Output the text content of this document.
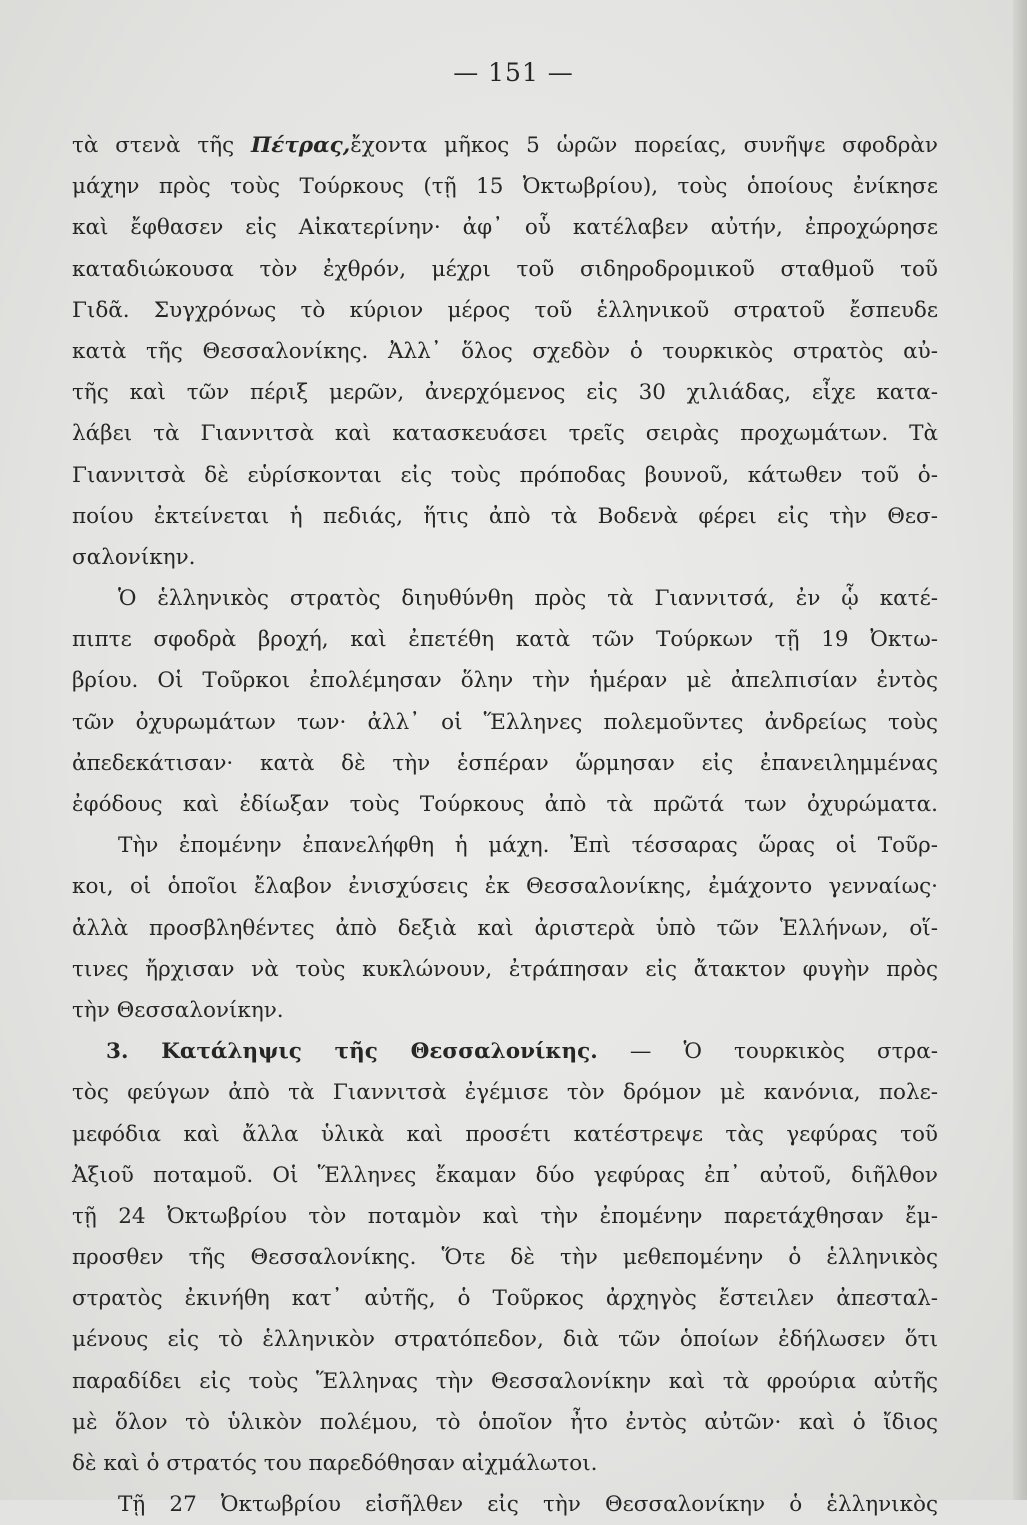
— 151 —
τὰ στενὰ τῆς Πέτρας,ἔχοντα μῆκος 5 ὡρῶν πορείας, συνῆψε σφοδρὰν
μάχην πρὸς τοὺς Τούρκους (τῇ 15 Ὀκτωβρίου), τοὺς ὁποίους ἐνίκησε
καὶ ἔφθασεν εἰς Αἰκατερίνην· ἀφ᾽ οὗ κατέλαβεν αὐτήν, ἐπροχώρησε
καταδιώκουσα τὸν ἐχθρόν, μέχρι τοῦ σιδηροδρομικοῦ σταθμοῦ τοῦ
Γιδᾶ. Συγχρόνως τὸ κύριον μέρος τοῦ ἑλληνικοῦ στρατοῦ ἔσπευδε
κατὰ τῆς Θεσσαλονίκης. Ἀλλ᾽ ὅλος σχεδὸν ὁ τουρκικὸς στρατὸς αὐ-
τῆς καὶ τῶν πέριξ μερῶν, ἀνερχόμενος εἰς 30 χιλιάδας, εἶχε κατα-
λάβει τὰ Γιαννιτσὰ καὶ κατασκευάσει τρεῖς σειρὰς προχωμάτων. Τὰ
Γιαννιτσὰ δὲ εὑρίσκονται εἰς τοὺς πρόποδας βουνοῦ, κάτωθεν τοῦ ὁ-
ποίου ἐκτείνεται ἡ πεδιάς, ἥτις ἀπὸ τὰ Βοδενὰ φέρει εἰς τὴν Θεσ-
σαλονίκην.
Ὁ ἑλληνικὸς στρατὸς διηυθύνθη πρὸς τὰ Γιαννιτσά, ἐν ᾧ κατέ-
πιπτε σφοδρὰ βροχή, καὶ ἐπετέθη κατὰ τῶν Τούρκων τῇ 19 Ὀκτω-
βρίου. Οἱ Τοῦρκοι ἐπολέμησαν ὅλην τὴν ἡμέραν μὲ ἀπελπισίαν ἐντὸς
τῶν ὀχυρωμάτων των· ἀλλ᾽ οἱ Ἕλληνες πολεμοῦντες ἀνδρείως τοὺς
ἀπεδεκάτισαν· κατὰ δὲ τὴν ἑσπέραν ὥρμησαν εἰς ἐπανειλημμένας
ἐφόδους καὶ ἐδίωξαν τοὺς Τούρκους ἀπὸ τὰ πρῶτά των ὀχυρώματα.
Τὴν ἐπομένην ἐπανελήφθη ἡ μάχη. Ἐπὶ τέσσαρας ὥρας οἱ Τοῦρ-
κοι, οἱ ὁποῖοι ἔλαβον ἐνισχύσεις ἐκ Θεσσαλονίκης, ἐμάχοντο γενναίως·
ἀλλὰ προσβληθέντες ἀπὸ δεξιὰ καὶ ἀριστερὰ ὑπὸ τῶν Ἑλλήνων, οἵ-
τινες ἤρχισαν νὰ τοὺς κυκλώνουν, ἐτράπησαν εἰς ἄτακτον φυγὴν πρὸς
τὴν Θεσσαλονίκην.
3. Κατάληψις τῆς Θεσσαλονίκης. — Ὁ τουρκικὸς στρα-
τὸς φεύγων ἀπὸ τὰ Γιαννιτσὰ ἐγέμισε τὸν δρόμον μὲ κανόνια, πολε-
μεφόδια καὶ ἄλλα ὑλικὰ καὶ προσέτι κατέστρεψε τὰς γεφύρας τοῦ
Ἀξιοῦ ποταμοῦ. Οἱ Ἕλληνες ἔκαμαν δύο γεφύρας ἐπ᾽ αὐτοῦ, διῆλθον
τῇ 24 Ὀκτωβρίου τὸν ποταμὸν καὶ τὴν ἐπομένην παρετάχθησαν ἔμ-
προσθεν τῆς Θεσσαλονίκης. Ὅτε δὲ τὴν μεθεπομένην ὁ ἑλληνικὸς
στρατὸς ἐκινήθη κατ᾽ αὐτῆς, ὁ Τοῦρκος ἀρχηγὸς ἔστειλεν ἀπεσταλ-
μένους εἰς τὸ ἑλληνικὸν στρατόπεδον, διὰ τῶν ὁποίων ἐδήλωσεν ὅτι
παραδίδει εἰς τοὺς Ἕλληνας τὴν Θεσσαλονίκην καὶ τὰ φρούρια αὐτῆς
μὲ ὅλον τὸ ὑλικὸν πολέμου, τὸ ὁποῖον ἦτο ἐντὸς αὐτῶν· καὶ ὁ ἴδιος
δὲ καὶ ὁ στρατός του παρεδόθησαν αἰχμάλωτοι.
Τῇ 27 Ὀκτωβρίου εἰσῆλθεν εἰς τὴν Θεσσαλονίκην ὁ ἑλληνικὸς
